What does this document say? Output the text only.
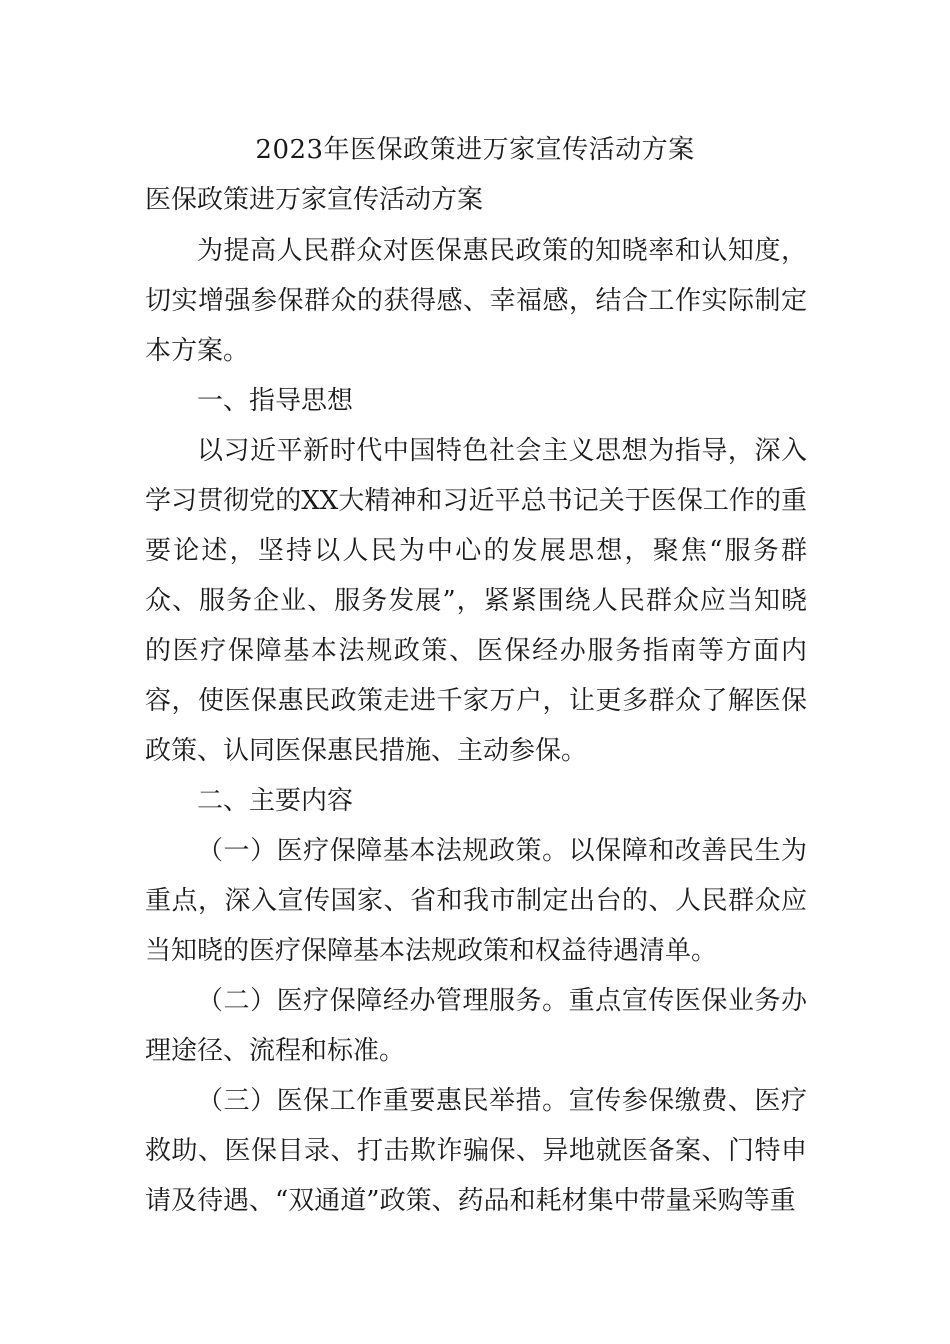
2023年医保政策进万家宣传活动方案
医保政策进万家宣传活动方案

为提高人民群众对医保惠民政策的知晓率和认知度，切实增强参保群众的获得感、幸福感，结合工作实际制定本方案。

一、指导思想

以习近平新时代中国特色社会主义思想为指导，深入学习贯彻党的XX大精神和习近平总书记关于医保工作的重要论述，坚持以人民为中心的发展思想，聚焦“服务群众、服务企业、服务发展”，紧紧围绕人民群众应当知晓的医疗保障基本法规政策、医保经办服务指南等方面内容，使医保惠民政策走进千家万户，让更多群众了解医保政策、认同医保惠民措施、主动参保。

二、主要内容

（一）医疗保障基本法规政策。以保障和改善民生为重点，深入宣传国家、省和我市制定出台的、人民群众应当知晓的医疗保障基本法规政策和权益待遇清单。

（二）医疗保障经办管理服务。重点宣传医保业务办理途径、流程和标准。

（三）医保工作重要惠民举措。宣传参保缴费、医疗救助、医保目录、打击欺诈骗保、异地就医备案、门特申请及待遇、“双通道”政策、药品和耗材集中带量采购等重
